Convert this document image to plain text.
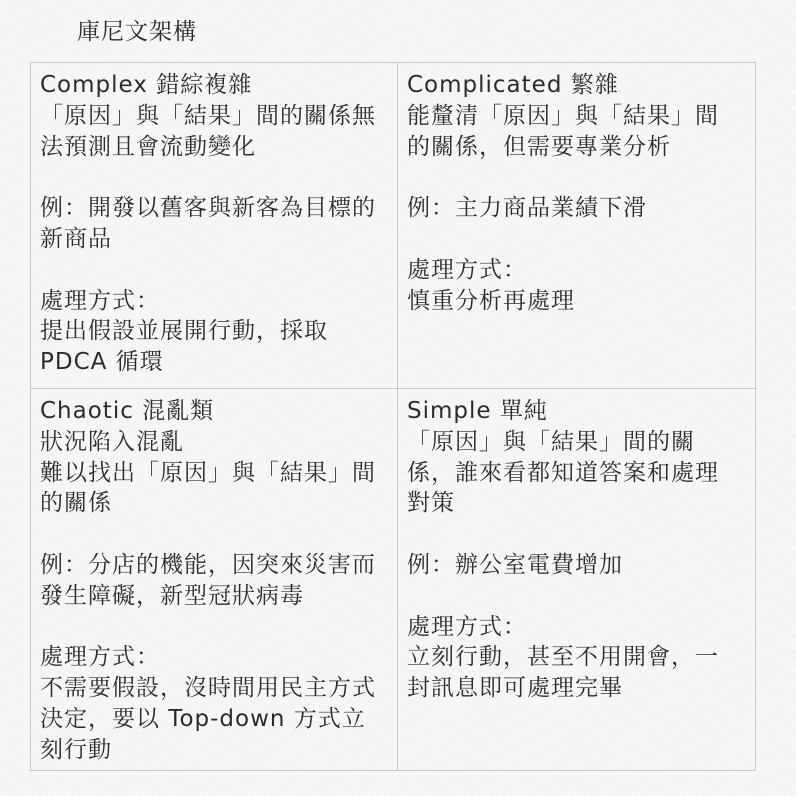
庫尼文架構
Complex 錯綜複雜
「原因」與「結果」間的關係無
法預測且會流動變化
例：開發以舊客與新客為目標的
新商品
處理方式：
提出假設並展開行動，採取
PDCA 循環
Complicated 繁雜
能釐清「原因」與「結果」間
的關係，但需要專業分析
例：主力商品業績下滑
處理方式：
慎重分析再處理
Chaotic 混亂類
狀況陷入混亂
難以找出「原因」與「結果」間
的關係
例：分店的機能，因突來災害而
發生障礙，新型冠狀病毒
處理方式：
不需要假設，沒時間用民主方式
決定，要以 Top-down 方式立
刻行動
Simple 單純
「原因」與「結果」間的關
係，誰來看都知道答案和處理
對策
例：辦公室電費增加
處理方式：
立刻行動，甚至不用開會，一
封訊息即可處理完畢
